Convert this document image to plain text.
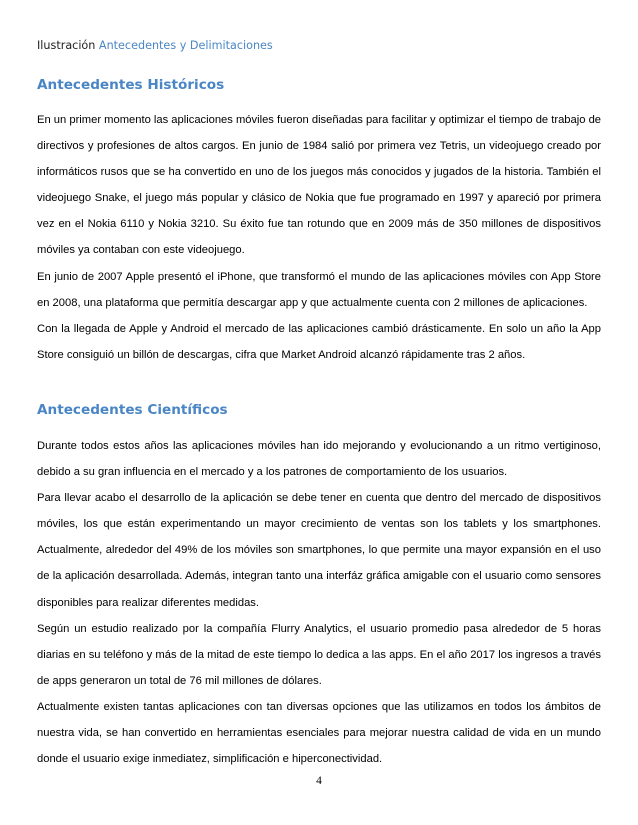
Ilustración Antecedentes y Delimitaciones
Antecedentes Históricos

En un primer momento las aplicaciones móviles fueron diseñadas para facilitar y optimizar el tiempo de trabajo de directivos y profesiones de altos cargos. En junio de 1984 salió por primera vez Tetris, un videojuego creado por informáticos rusos que se ha convertido en uno de los juegos más conocidos y jugados de la historia. También el videojuego Snake, el juego más popular y clásico de Nokia que fue programado en 1997 y apareció por primera vez en el Nokia 6110 y Nokia 3210. Su éxito fue tan rotundo que en 2009 más de 350 millones de dispositivos móviles ya contaban con este videojuego.

En junio de 2007 Apple presentó el iPhone, que transformó el mundo de las aplicaciones móviles con App Store en 2008, una plataforma que permitía descargar app y que actualmente cuenta con 2 millones de aplicaciones.

Con la llegada de Apple y Android el mercado de las aplicaciones cambió drásticamente. En solo un año la App Store consiguió un billón de descargas, cifra que Market Android alcanzó rápidamente tras 2 años.

Antecedentes Científicos

Durante todos estos años las aplicaciones móviles han ido mejorando y evolucionando a un ritmo vertiginoso, debido a su gran influencia en el mercado y a los patrones de comportamiento de los usuarios.

Para llevar acabo el desarrollo de la aplicación se debe tener en cuenta que dentro del mercado de dispositivos móviles, los que están experimentando un mayor crecimiento de ventas son los tablets y los smartphones. Actualmente, alrededor del 49% de los móviles son smartphones, lo que permite una mayor expansión en el uso de la aplicación desarrollada. Además, integran tanto una interfáz gráfica amigable con el usuario como sensores disponibles para realizar diferentes medidas.

Según un estudio realizado por la compañía Flurry Analytics, el usuario promedio pasa alrededor de 5 horas diarias en su teléfono y más de la mitad de este tiempo lo dedica a las apps. En el año 2017 los ingresos a través de apps generaron un total de 76 mil millones de dólares.

Actualmente existen tantas aplicaciones con tan diversas opciones que las utilizamos en todos los ámbitos de nuestra vida, se han convertido en herramientas esenciales para mejorar nuestra calidad de vida en un mundo donde el usuario exige inmediatez, simplificación e hiperconectividad.

4
